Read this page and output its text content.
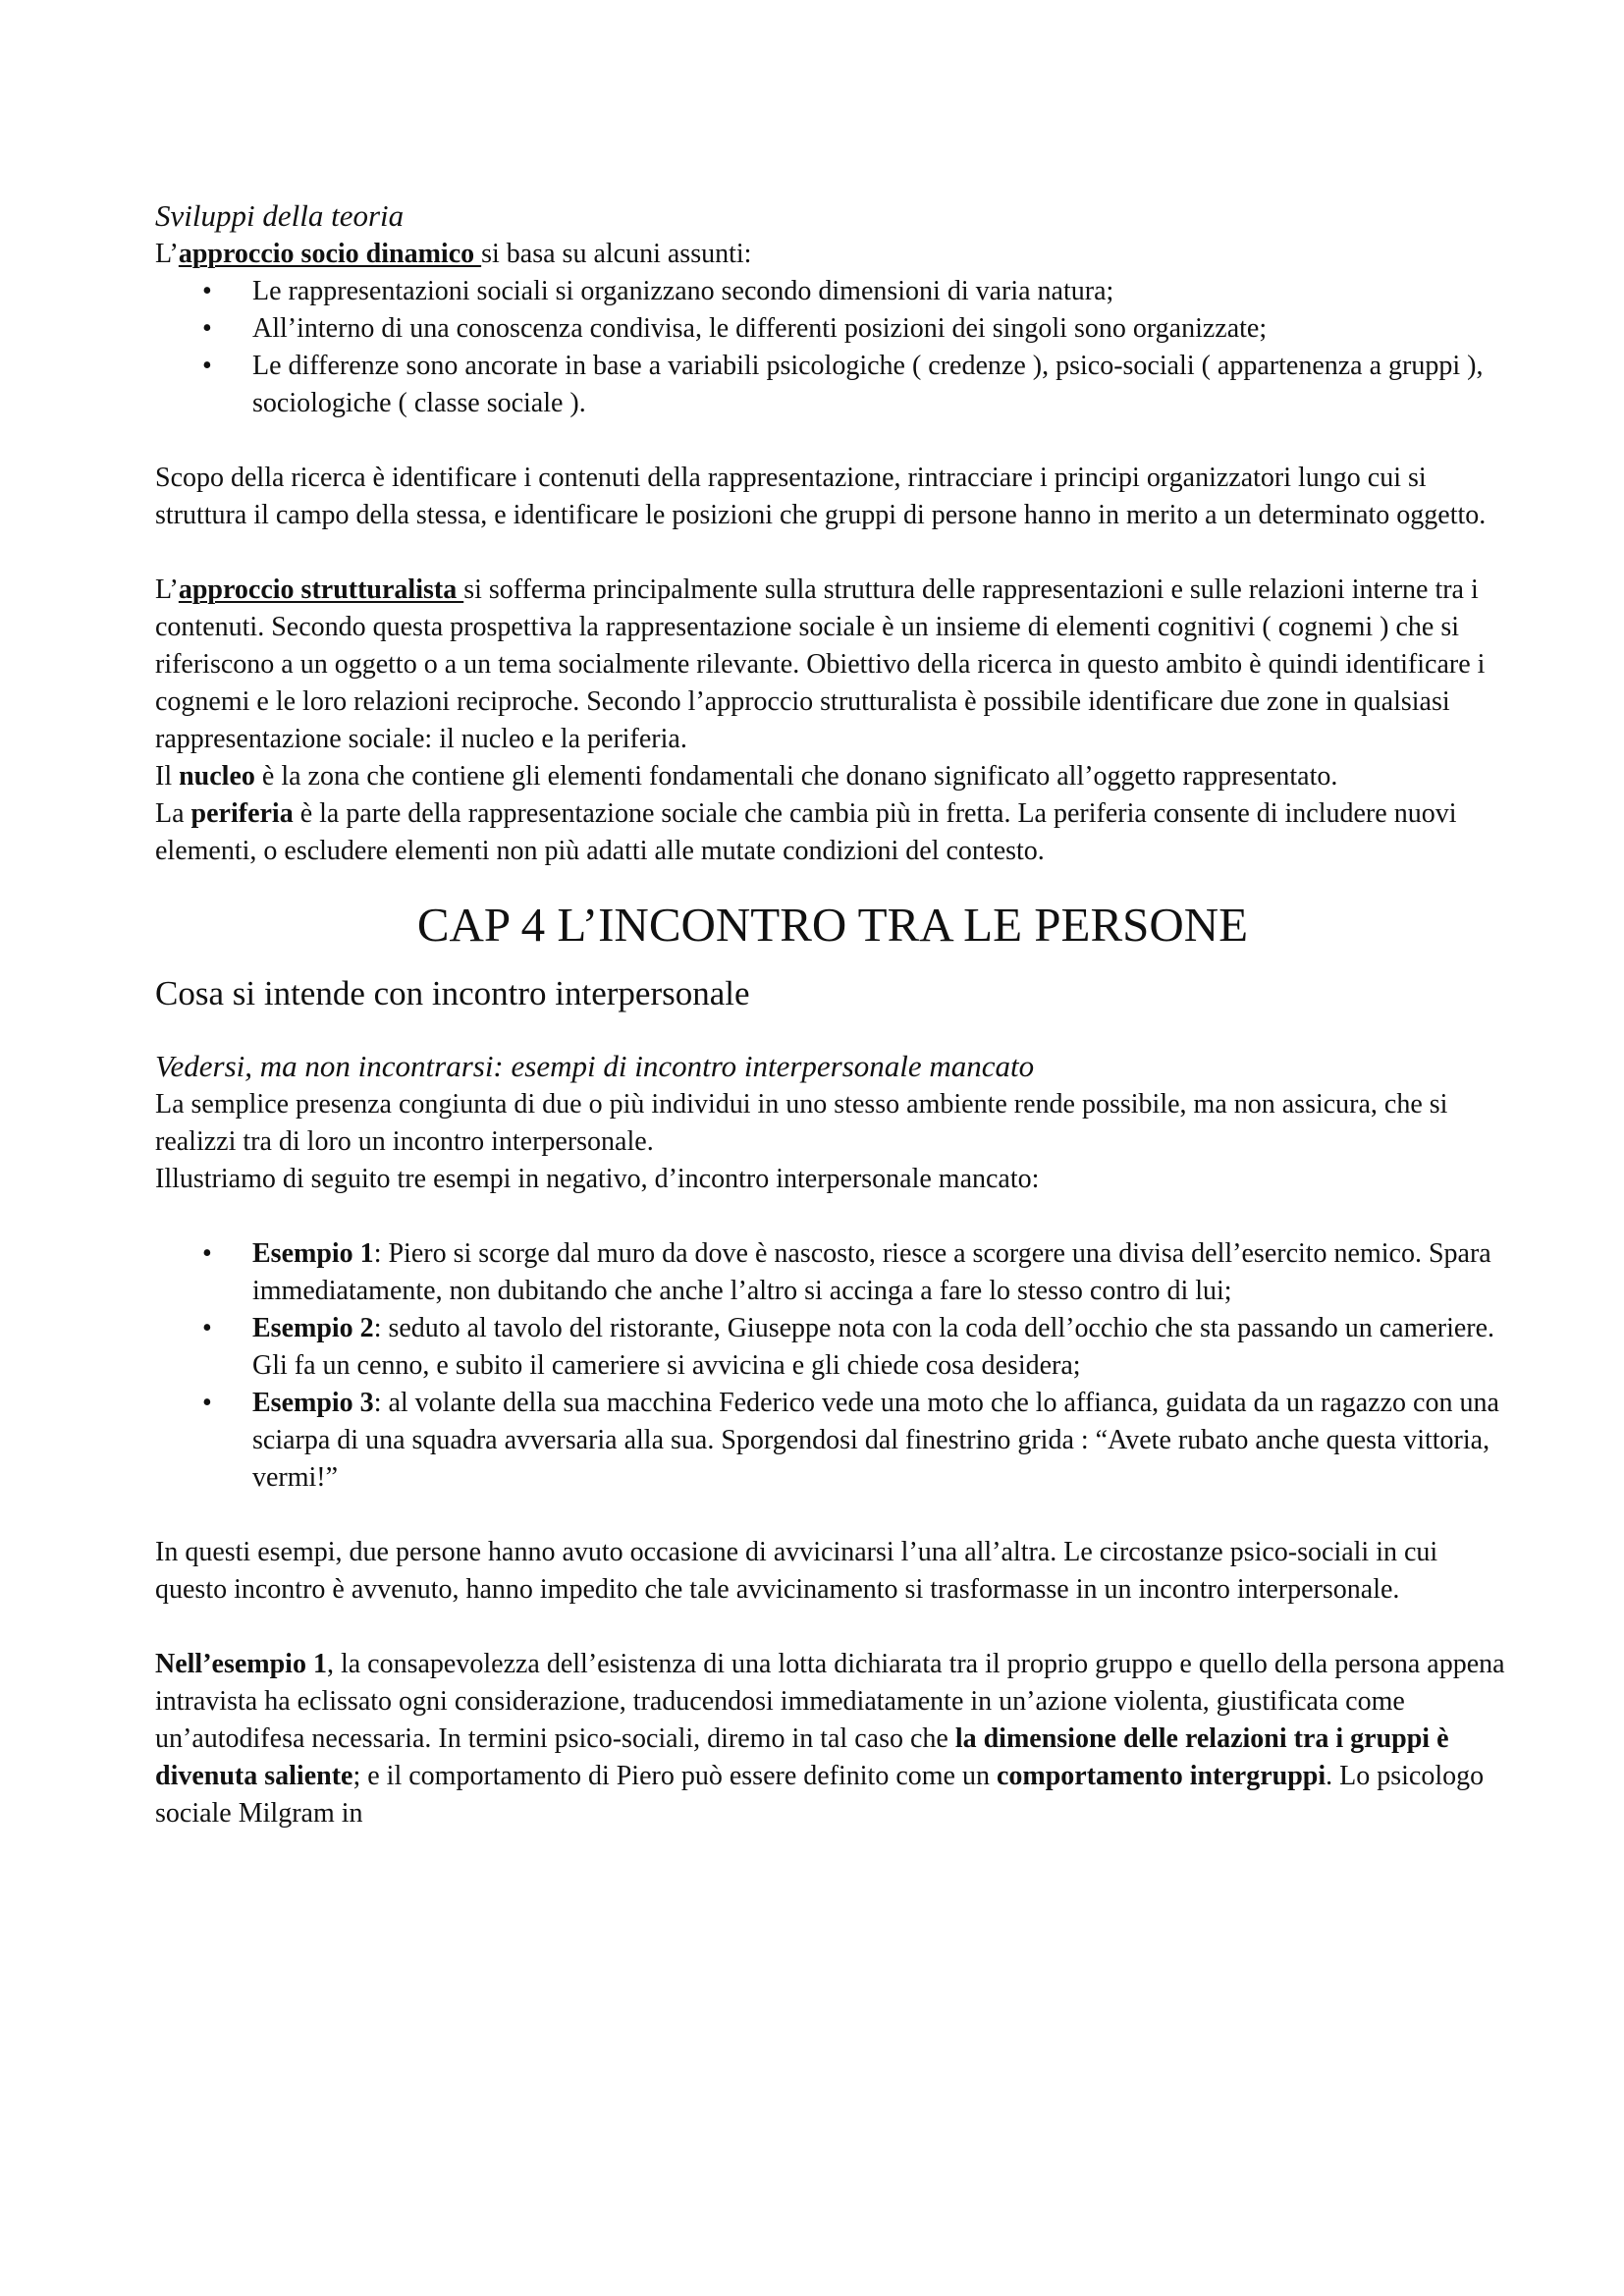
Sviluppi della teoria

L’approccio socio dinamico si basa su alcuni assunti:

• Le rappresentazioni sociali si organizzano secondo dimensioni di varia natura;
• All’interno di una conoscenza condivisa, le differenti posizioni dei singoli sono organizzate;
• Le differenze sono ancorate in base a variabili psicologiche ( credenze ), psico-sociali ( appartenenza a gruppi ), sociologiche ( classe sociale ).

Scopo della ricerca è identificare i contenuti della rappresentazione, rintracciare i principi organizzatori lungo cui si struttura il campo della stessa, e identificare le posizioni che gruppi di persone hanno in merito a un determinato oggetto.

L’approccio strutturalista si sofferma principalmente sulla struttura delle rappresentazioni e sulle relazioni interne tra i contenuti. Secondo questa prospettiva la rappresentazione sociale è un insieme di elementi cognitivi ( cognemi ) che si riferiscono a un oggetto o a un tema socialmente rilevante. Obiettivo della ricerca in questo ambito è quindi identificare i cognemi e le loro relazioni reciproche. Secondo l’approccio strutturalista è possibile identificare due zone in qualsiasi rappresentazione sociale: il nucleo e la periferia.

Il nucleo è la zona che contiene gli elementi fondamentali che donano significato all’oggetto rappresentato.

La periferia è la parte della rappresentazione sociale che cambia più in fretta. La periferia consente di includere nuovi elementi, o escludere elementi non più adatti alle mutate condizioni del contesto.

CAP 4 L’INCONTRO TRA LE PERSONE

Cosa si intende con incontro interpersonale

Vedersi, ma non incontrarsi: esempi di incontro interpersonale mancato

La semplice presenza congiunta di due o più individui in uno stesso ambiente rende possibile, ma non assicura, che si realizzi tra di loro un incontro interpersonale.

Illustriamo di seguito tre esempi in negativo, d’incontro interpersonale mancato:

• Esempio 1: Piero si scorge dal muro da dove è nascosto, riesce a scorgere una divisa dell’esercito nemico. Spara immediatamente, non dubitando che anche l’altro si accinga a fare lo stesso contro di lui;
• Esempio 2: seduto al tavolo del ristorante, Giuseppe nota con la coda dell’occhio che sta passando un cameriere. Gli fa un cenno, e subito il cameriere si avvicina e gli chiede cosa desidera;
• Esempio 3: al volante della sua macchina Federico vede una moto che lo affianca, guidata da un ragazzo con una sciarpa di una squadra avversaria alla sua. Sporgendosi dal finestrino grida : “Avete rubato anche questa vittoria, vermi!”

In questi esempi, due persone hanno avuto occasione di avvicinarsi l’una all’altra. Le circostanze psico-sociali in cui questo incontro è avvenuto, hanno impedito che tale avvicinamento si trasformasse in un incontro interpersonale.

Nell’esempio 1, la consapevolezza dell’esistenza di una lotta dichiarata tra il proprio gruppo e quello della persona appena intravista ha eclissato ogni considerazione, traducendosi immediatamente in un’azione violenta, giustificata come un’autodifesa necessaria. In termini psico-sociali, diremo in tal caso che la dimensione delle relazioni tra i gruppi è divenuta saliente; e il comportamento di Piero può essere definito come un comportamento intergruppi. Lo psicologo sociale Milgram in
